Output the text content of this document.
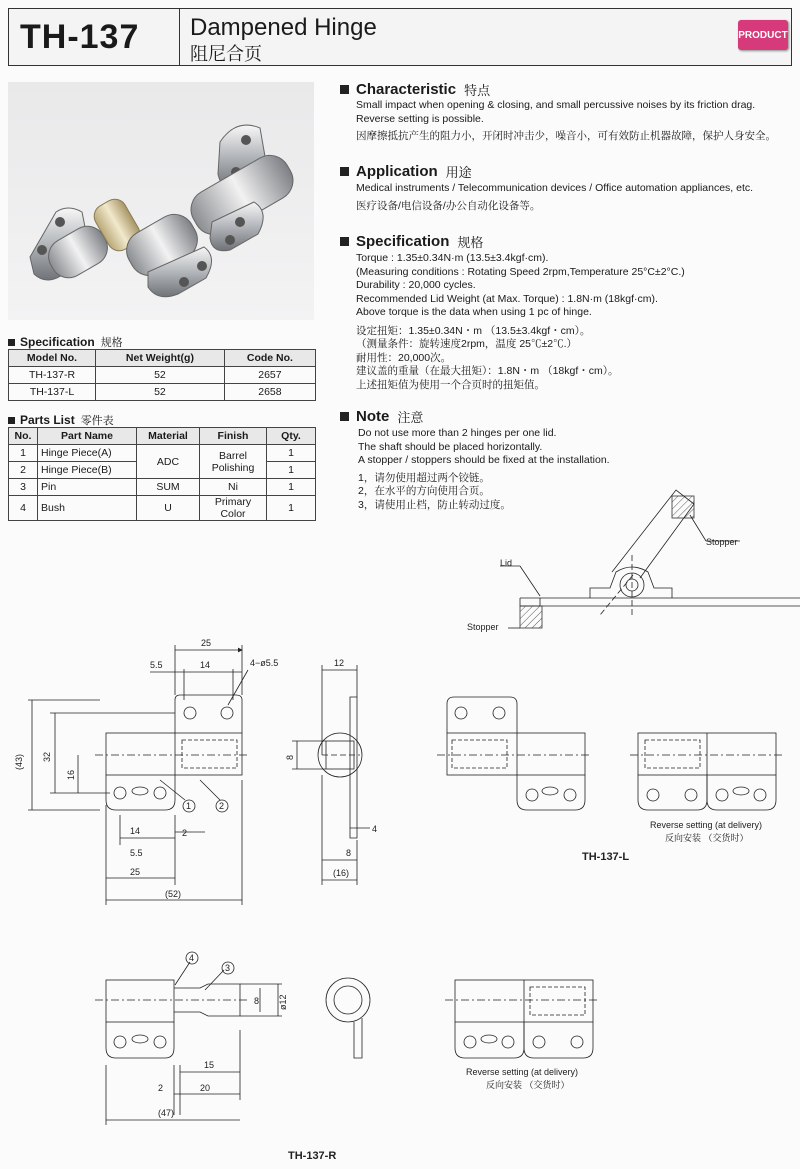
TH-137	Dampened Hinge
阻尼合页
PRODUCT
Characteristic 特点
Small impact when opening & closing, and small percussive noises by its friction drag.
Reverse setting is possible.
因摩擦抵抗产生的阻力小，开闭时冲击少，噪音小，可有效防止机器故障，保护人身安全。
Application 用途
Medical instruments / Telecommunication devices / Office automation appliances, etc.
医疗设备/电信设备/办公自动化设备等。
Specification 规格
Torque : 1.35±0.34N·m (13.5±3.4kgf·cm).
(Measuring conditions : Rotating Speed 2rpm,Temperature 25°C±2°C.)
Durability : 20,000 cycles.
Recommended Lid Weight (at Max. Torque) : 1.8N·m (18kgf·cm).
Above torque is the data when using 1 pc of hinge.
设定扭矩：1.35±0.34N・m （13.5±3.4kgf・cm）。
（测量条件：旋转速度2rpm，温度 25℃±2℃.）
耐用性：20,000次。
建议盖的重量（在最大扭矩）：1.8N・m （18kgf・cm）。
上述扭矩值为使用一个合页时的扭矩值。
Note 注意
Do not use more than 2 hinges per one lid.
The shaft should be placed horizontally.
A stopper / stoppers should be fixed at the installation.
1，请勿使用超过两个铰链。
2，在水平的方向使用合页。
3，请使用止档，防止转动过度。
Specification 规格
Model No.	Net Weight(g)	Code No.
TH-137-R	52	2657
TH-137-L	52	2658
Parts List 零件表
No.	Part Name	Material	Finish	Qty.
1	Hinge Piece(A)	ADC	Barrel Polishing	1
2	Hinge Piece(B)			1
3	Pin	SUM	Ni	1
4	Bush	U	Primary Color	1
Stopper
Lid
Stopper
25
5.5	14	4−ø5.5
(43) 32
16
14	2
5.5
25
(52)
1	2
12
8
4
8
(16)
Reverse setting (at delivery)
反向安装 （交货时）
TH-137-L
8 ø12
15
2	20
(47)
4
3
Reverse setting (at delivery)
反向安装 （交货时）
TH-137-R
